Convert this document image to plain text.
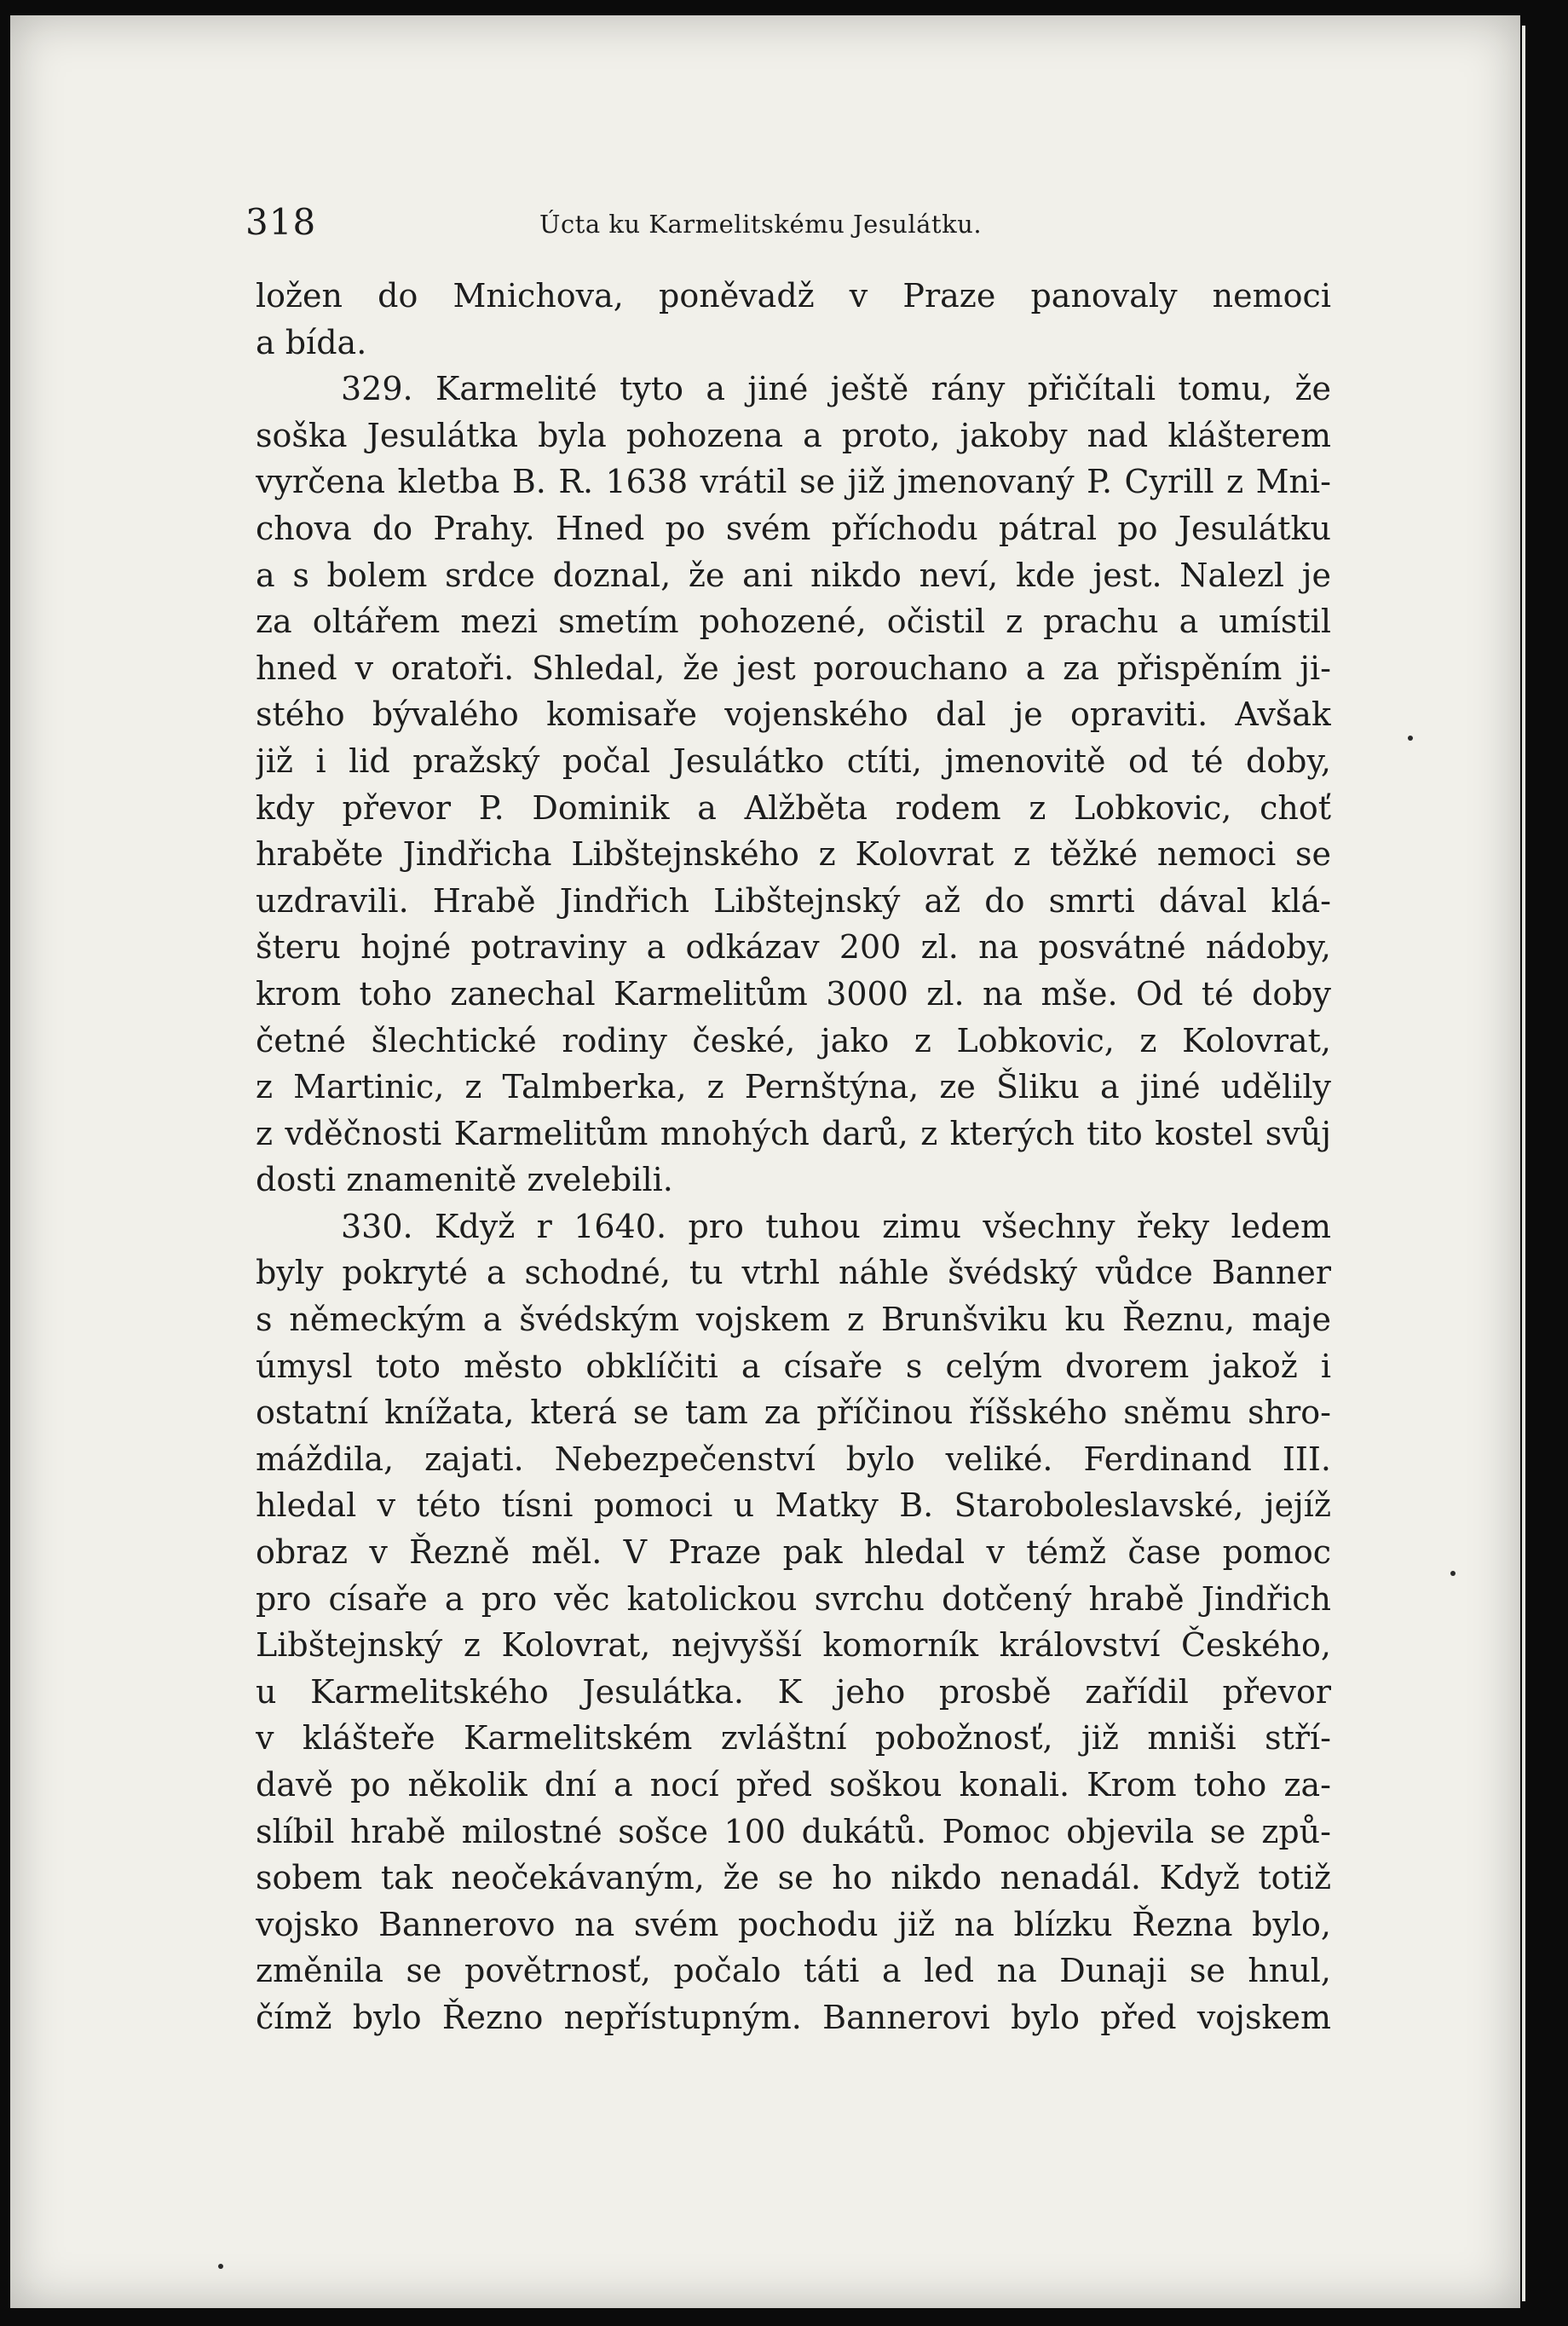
318	Úcta ku Karmelitskému Jesulátku.
ložen do Mnichova, poněvadž v Praze panovaly nemoci
a bída.
329. Karmelité tyto a jiné ještě rány přičítali tomu, že
soška Jesulátka byla pohozena a proto, jakoby nad klášterem
vyrčena kletba B. R. 1638 vrátil se již jmenovaný P. Cyrill z Mni-
chova do Prahy. Hned po svém příchodu pátral po Jesulátku
a s bolem srdce doznal, že ani nikdo neví, kde jest. Nalezl je
za oltářem mezi smetím pohozené, očistil z prachu a umístil
hned v oratoři. Shledal, že jest porouchano a za přispěním ji-
stého bývalého komisaře vojenského dal je opraviti. Avšak
již i lid pražský počal Jesulátko ctíti, jmenovitě od té doby,
kdy převor P. Dominik a Alžběta rodem z Lobkovic, choť
hraběte Jindřicha Libštejnského z Kolovrat z těžké nemoci se
uzdravili. Hrabě Jindřich Libštejnský až do smrti dával klá-
šteru hojné potraviny a odkázav 200 zl. na posvátné nádoby,
krom toho zanechal Karmelitům 3000 zl. na mše. Od té doby
četné šlechtické rodiny české, jako z Lobkovic, z Kolovrat,
z Martinic, z Talmberka, z Pernštýna, ze Šliku a jiné udělily
z vděčnosti Karmelitům mnohých darů, z kterých tito kostel svůj
dosti znamenitě zvelebili.
330. Když r 1640. pro tuhou zimu všechny řeky ledem
byly pokryté a schodné, tu vtrhl náhle švédský vůdce Banner
s německým a švédským vojskem z Brunšviku ku Řeznu, maje
úmysl toto město obklíčiti a císaře s celým dvorem jakož i
ostatní knížata, která se tam za příčinou říšského sněmu shro-
máždila, zajati. Nebezpečenství bylo veliké. Ferdinand III.
hledal v této tísni pomoci u Matky B. Staroboleslavské, jejíž
obraz v Řezně měl. V Praze pak hledal v témž čase pomoc
pro císaře a pro věc katolickou svrchu dotčený hrabě Jindřich
Libštejnský z Kolovrat, nejvyšší komorník království Českého,
u Karmelitského Jesulátka. K jeho prosbě zařídil převor
v klášteře Karmelitském zvláštní pobožnosť, již mniši stří-
davě po několik dní a nocí před soškou konali. Krom toho za-
slíbil hrabě milostné sošce 100 dukátů. Pomoc objevila se způ-
sobem tak neočekávaným, že se ho nikdo nenadál. Když totiž
vojsko Bannerovo na svém pochodu již na blízku Řezna bylo,
změnila se povětrnosť, počalo táti a led na Dunaji se hnul,
čímž bylo Řezno nepřístupným. Bannerovi bylo před vojskem
